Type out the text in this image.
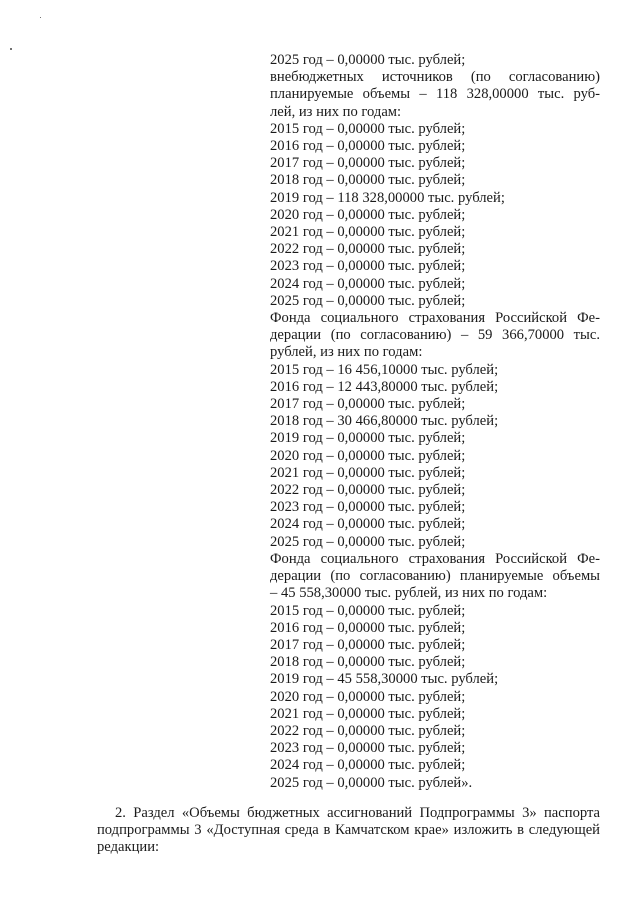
2025 год – 0,00000 тыс. рублей;
внебюджетных источников (по согласованию)
планируемые объемы – 118 328,00000 тыс. руб-
лей, из них по годам:
2015 год – 0,00000 тыс. рублей;
2016 год – 0,00000 тыс. рублей;
2017 год – 0,00000 тыс. рублей;
2018 год – 0,00000 тыс. рублей;
2019 год – 118 328,00000 тыс. рублей;
2020 год – 0,00000 тыс. рублей;
2021 год – 0,00000 тыс. рублей;
2022 год – 0,00000 тыс. рублей;
2023 год – 0,00000 тыс. рублей;
2024 год – 0,00000 тыс. рублей;
2025 год – 0,00000 тыс. рублей;
Фонда социального страхования Российской Фе-
дерации (по согласованию) – 59 366,70000 тыс.
рублей, из них по годам:
2015 год – 16 456,10000 тыс. рублей;
2016 год – 12 443,80000 тыс. рублей;
2017 год – 0,00000 тыс. рублей;
2018 год – 30 466,80000 тыс. рублей;
2019 год – 0,00000 тыс. рублей;
2020 год – 0,00000 тыс. рублей;
2021 год – 0,00000 тыс. рублей;
2022 год – 0,00000 тыс. рублей;
2023 год – 0,00000 тыс. рублей;
2024 год – 0,00000 тыс. рублей;
2025 год – 0,00000 тыс. рублей;
Фонда социального страхования Российской Фе-
дерации (по согласованию) планируемые объемы
– 45 558,30000 тыс. рублей, из них по годам:
2015 год – 0,00000 тыс. рублей;
2016 год – 0,00000 тыс. рублей;
2017 год – 0,00000 тыс. рублей;
2018 год – 0,00000 тыс. рублей;
2019 год – 45 558,30000 тыс. рублей;
2020 год – 0,00000 тыс. рублей;
2021 год – 0,00000 тыс. рублей;
2022 год – 0,00000 тыс. рублей;
2023 год – 0,00000 тыс. рублей;
2024 год – 0,00000 тыс. рублей;
2025 год – 0,00000 тыс. рублей».
2. Раздел «Объемы бюджетных ассигнований Подпрограммы 3» паспорта
подпрограммы 3 «Доступная среда в Камчатском крае» изложить в следующей
редакции:
